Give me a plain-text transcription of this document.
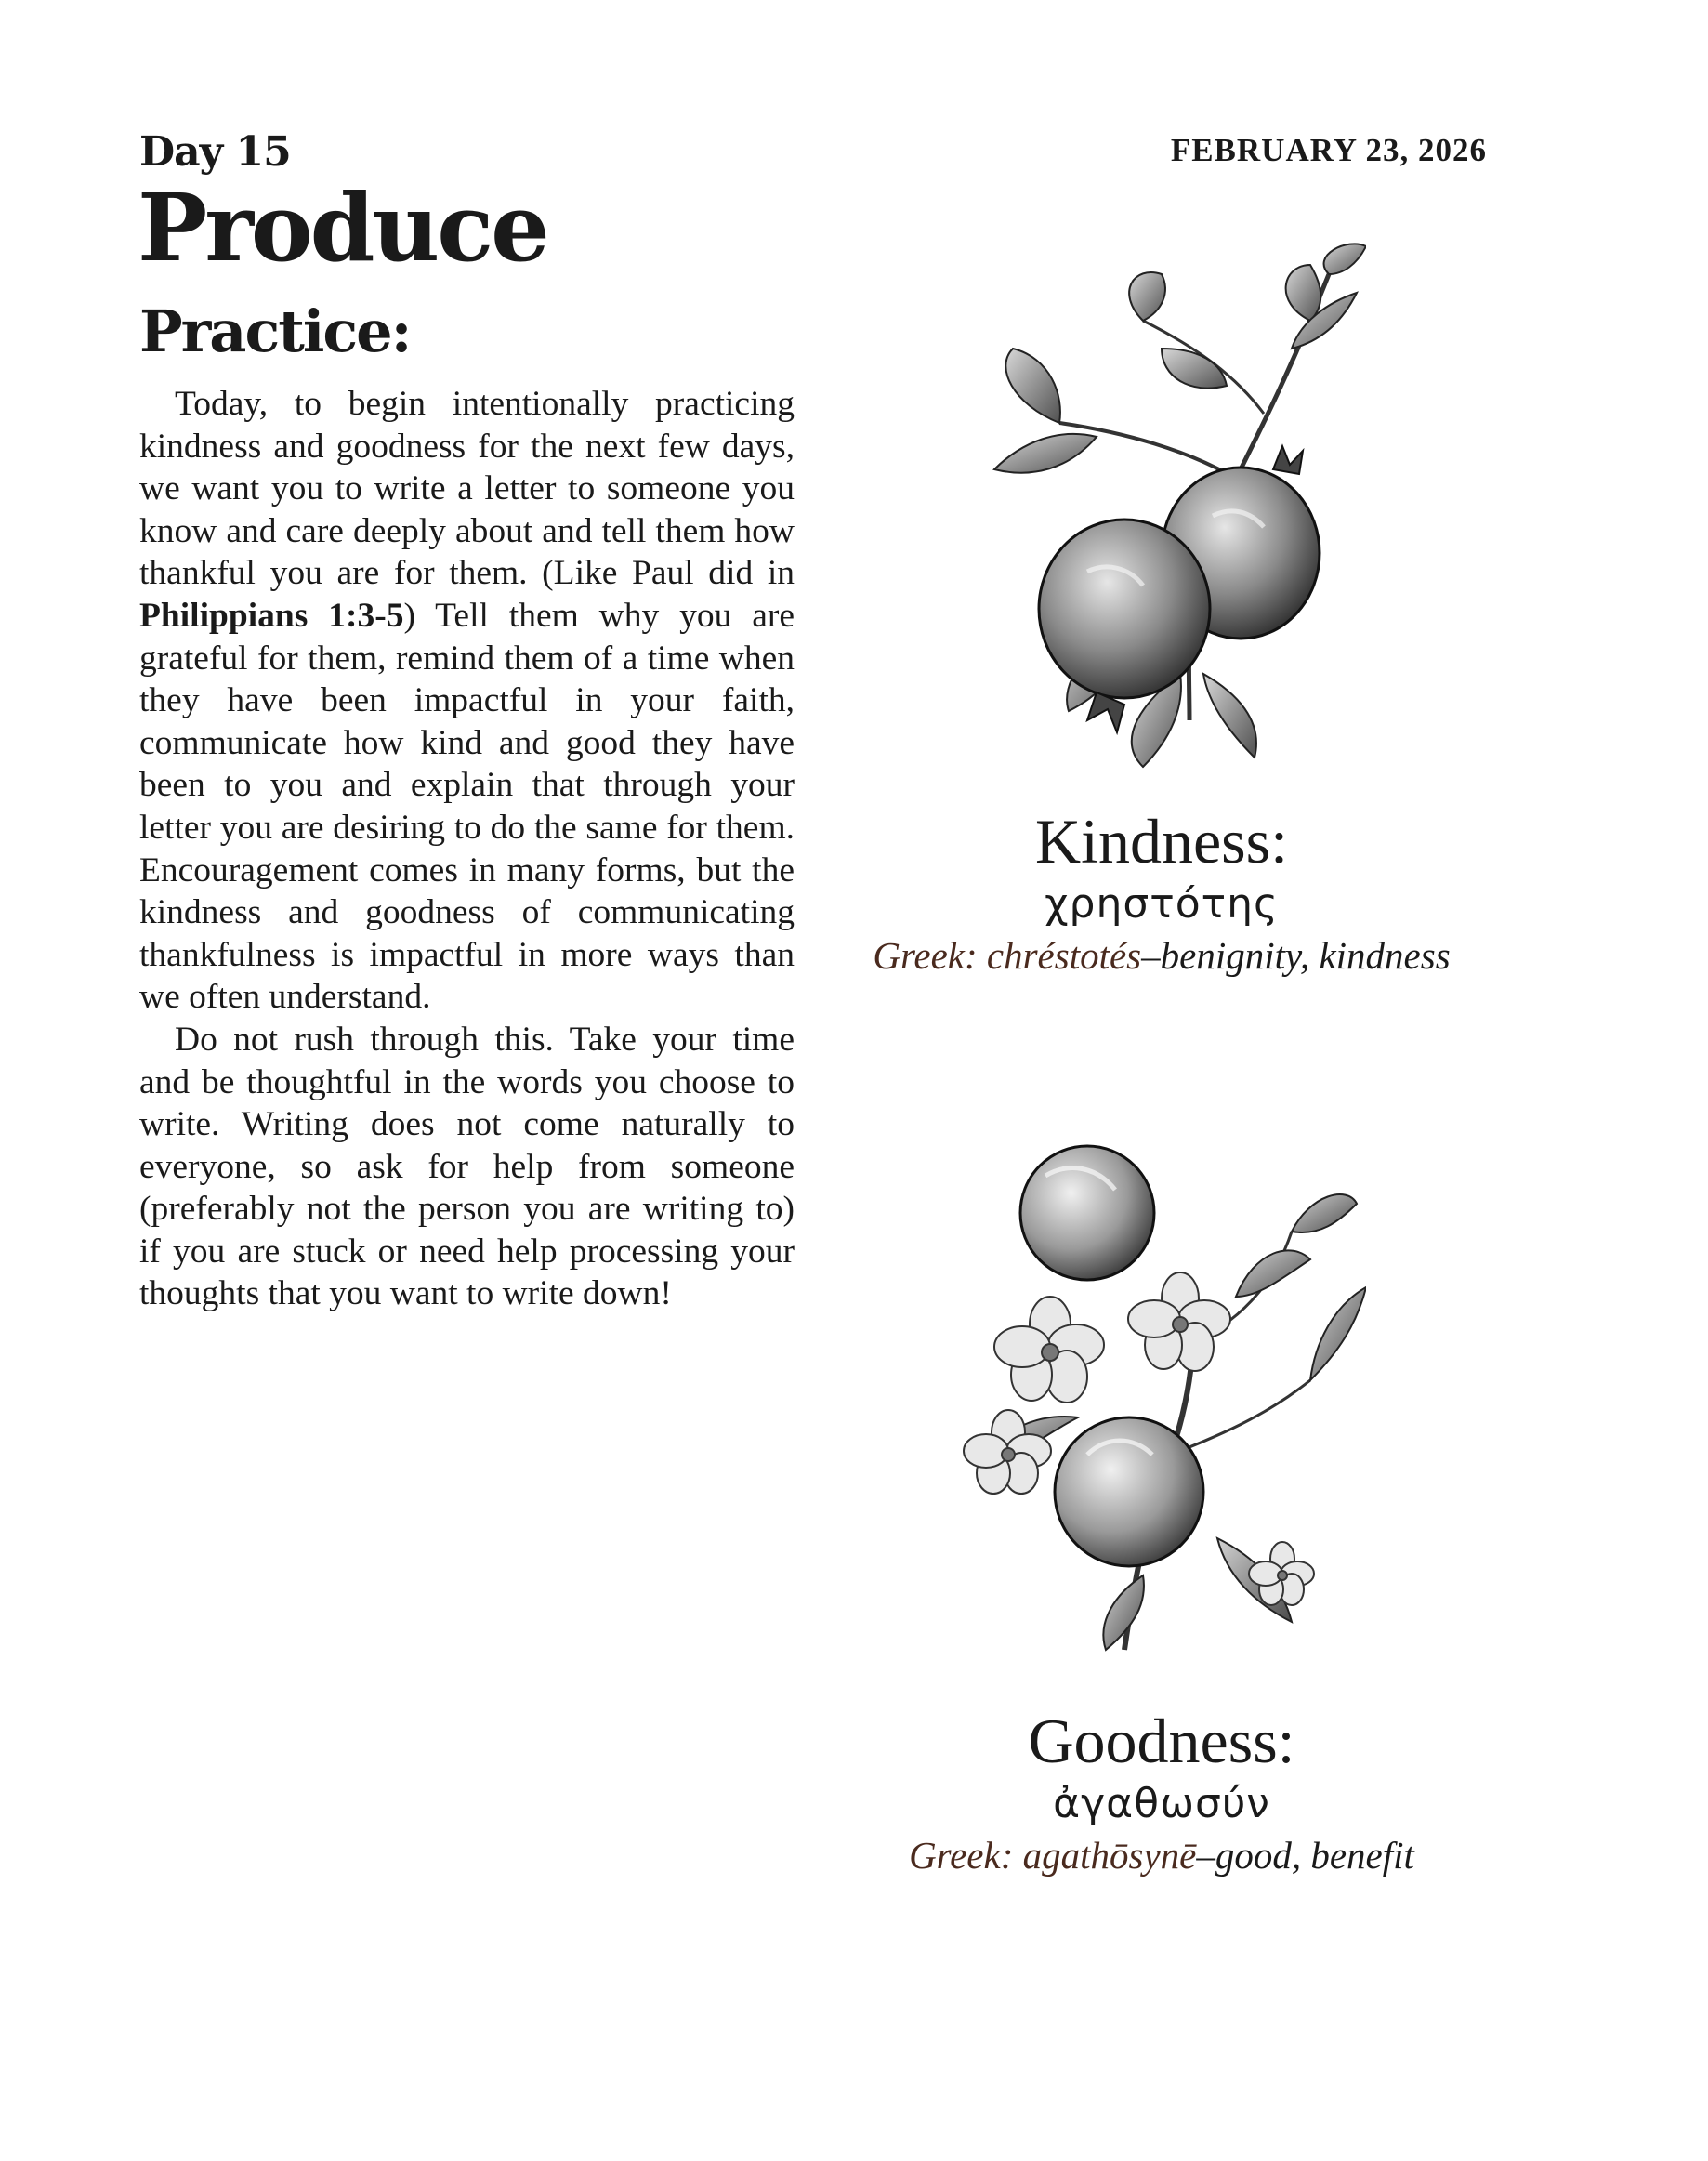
Day 15	FEBRUARY 23, 2026
Produce
Practice:

Today, to begin intentionally practicing kindness and goodness for the next few days, we want you to write a letter to someone you know and care deeply about and tell them how thankful you are for them. (Like Paul did in Philippians 1:3-5) Tell them why you are grateful for them, remind them of a time when they have been impactful in your faith, communicate how kind and good they have been to you and explain that through your letter you are desiring to do the same for them. Encouragement comes in many forms, but the kindness and goodness of communicating thankfulness is impactful in more ways than we often understand.

Do not rush through this. Take your time and be thoughtful in the words you choose to write. Writing does not come naturally to everyone, so ask for help from someone (preferably not the person you are writing to) if you are stuck or need help processing your thoughts that you want to write down!

Kindness:
χρηστότης
Greek: chréstotés–benignity, kindness
Goodness:
ἀγαθωσύν
Greek: agathōsynē–good, benefit
